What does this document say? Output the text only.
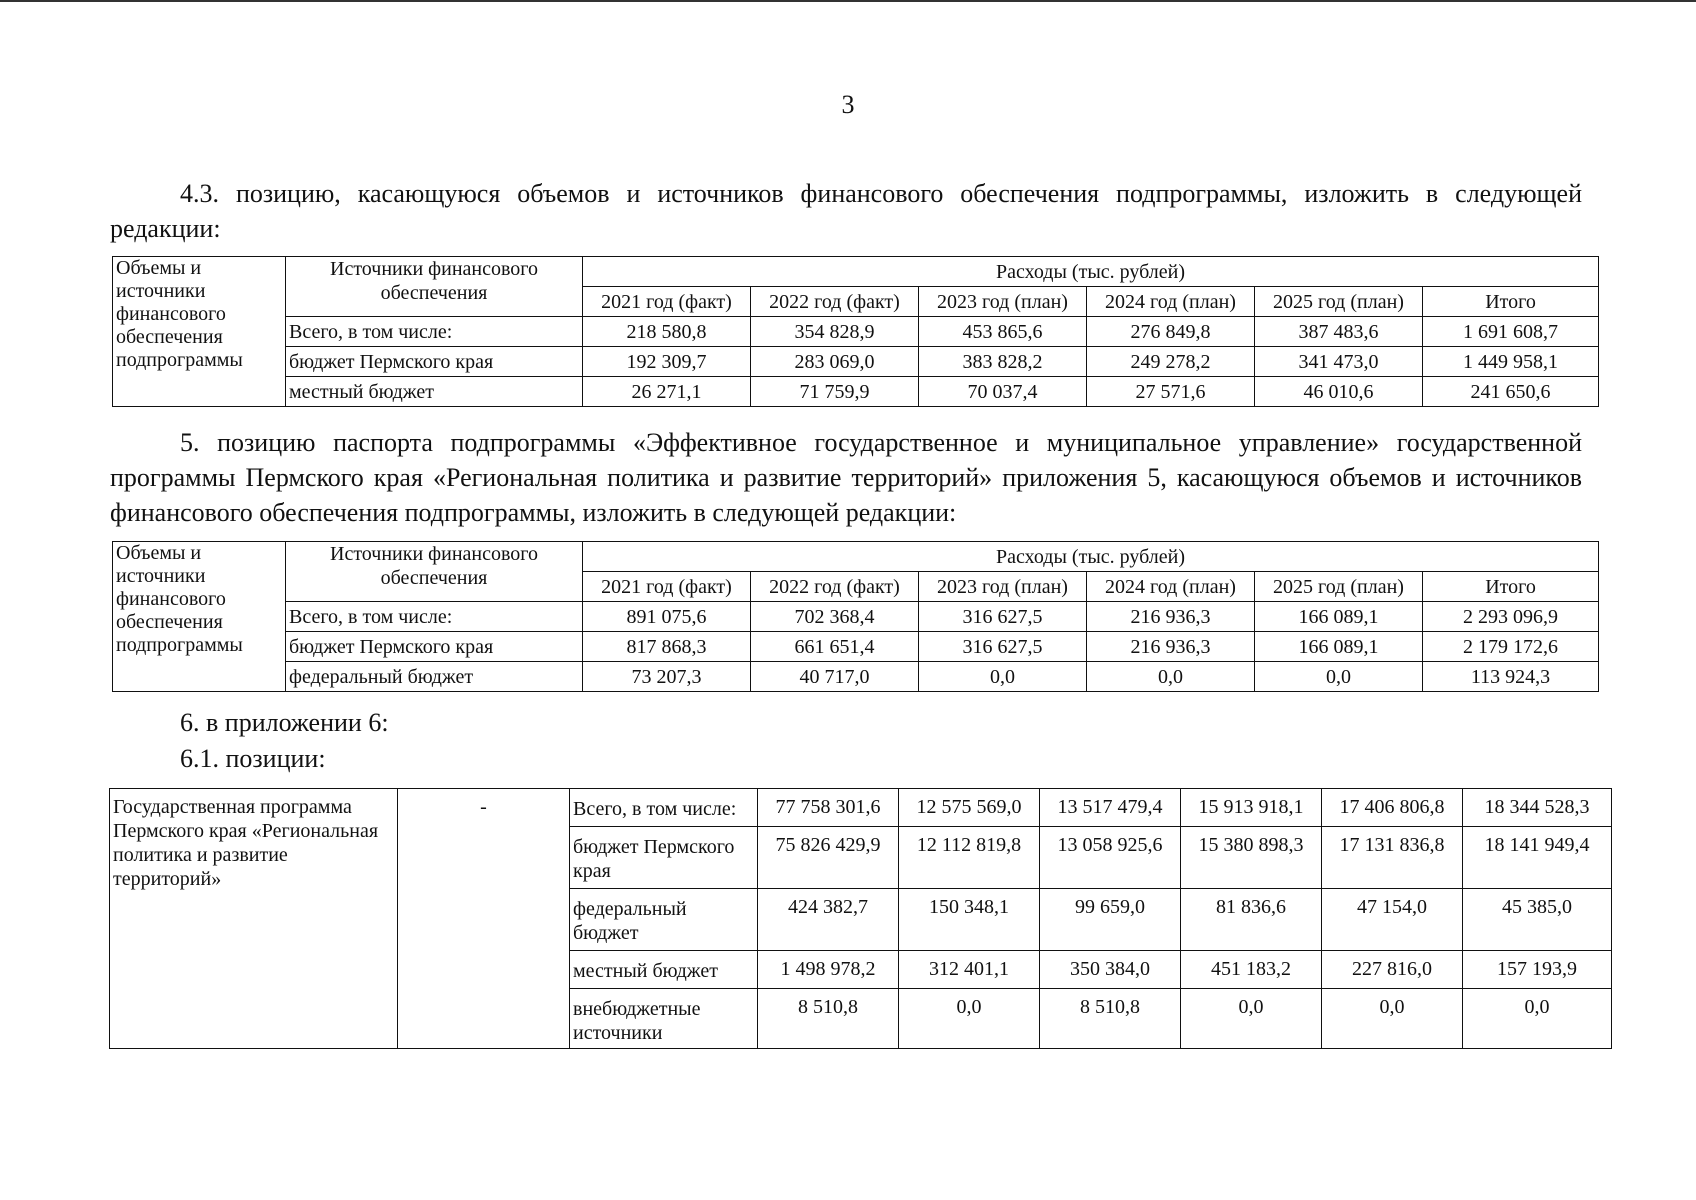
3

4.3. позицию, касающуюся объемов и источников финансового обеспечения подпрограммы, изложить в следующей редакции:

Объемы и источники финансового обеспечения подпрограммы	Источники финансового обеспечения	Расходы (тыс. рублей)					
		2021 год (факт)	2022 год (факт)	2023 год (план)	2024 год (план)	2025 год (план)	Итого
	Всего, в том числе:	218 580,8	354 828,9	453 865,6	276 849,8	387 483,6	1 691 608,7
	бюджет Пермского края	192 309,7	283 069,0	383 828,2	249 278,2	341 473,0	1 449 958,1
	местный бюджет	26 271,1	71 759,9	70 037,4	27 571,6	46 010,6	241 650,6

5. позицию паспорта подпрограммы «Эффективное государственное и муниципальное управление» государственной программы Пермского края «Региональная политика и развитие территорий» приложения 5, касающуюся объемов и источников финансового обеспечения подпрограммы, изложить в следующей редакции:

Объемы и источники финансового обеспечения подпрограммы	Источники финансового обеспечения	Расходы (тыс. рублей)					
		2021 год (факт)	2022 год (факт)	2023 год (план)	2024 год (план)	2025 год (план)	Итого
	Всего, в том числе:	891 075,6	702 368,4	316 627,5	216 936,3	166 089,1	2 293 096,9
	бюджет Пермского края	817 868,3	661 651,4	316 627,5	216 936,3	166 089,1	2 179 172,6
	федеральный бюджет	73 207,3	40 717,0	0,0	0,0	0,0	113 924,3

6. в приложении 6:

6.1. позиции:

Государственная программа Пермского края «Региональная политика и развитие территорий»	-	Всего, в том числе:	77 758 301,6	12 575 569,0	13 517 479,4	15 913 918,1	17 406 806,8	18 344 528,3
		бюджет Пермского края	75 826 429,9	12 112 819,8	13 058 925,6	15 380 898,3	17 131 836,8	18 141 949,4
		федеральный бюджет	424 382,7	150 348,1	99 659,0	81 836,6	47 154,0	45 385,0
		местный бюджет	1 498 978,2	312 401,1	350 384,0	451 183,2	227 816,0	157 193,9
		внебюджетные источники	8 510,8	0,0	8 510,8	0,0	0,0	0,0
